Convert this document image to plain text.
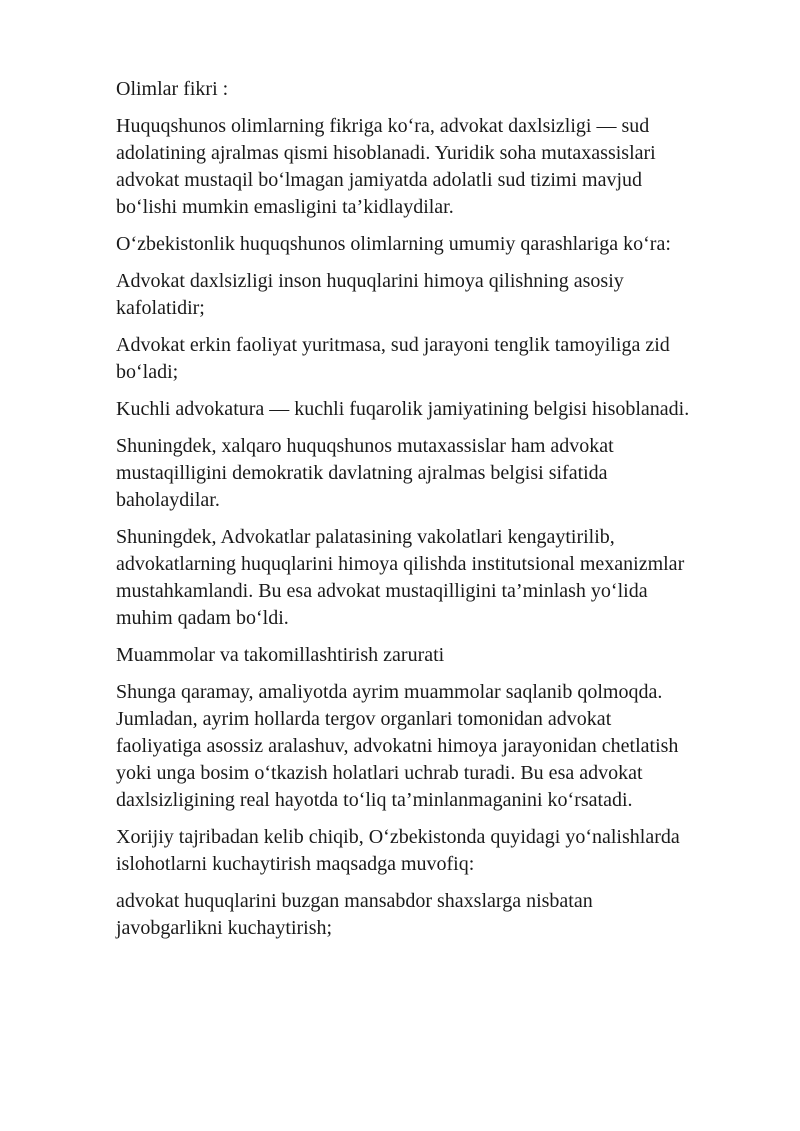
Olimlar fikri :

Huquqshunos olimlarning fikriga koʻra, advokat daxlsizligi — sud
adolatining ajralmas qismi hisoblanadi. Yuridik soha mutaxassislari
advokat mustaqil boʻlmagan jamiyatda adolatli sud tizimi mavjud
boʻlishi mumkin emasligini ta’kidlaydilar.

Oʻzbekistonlik huquqshunos olimlarning umumiy qarashlariga koʻra:

Advokat daxlsizligi inson huquqlarini himoya qilishning asosiy
kafolatidir;

Advokat erkin faoliyat yuritmasa, sud jarayoni tenglik tamoyiliga zid
boʻladi;

Kuchli advokatura — kuchli fuqarolik jamiyatining belgisi hisoblanadi.

Shuningdek, xalqaro huquqshunos mutaxassislar ham advokat
mustaqilligini demokratik davlatning ajralmas belgisi sifatida
baholaydilar.

Shuningdek, Advokatlar palatasining vakolatlari kengaytirilib,
advokatlarning huquqlarini himoya qilishda institutsional mexanizmlar
mustahkamlandi. Bu esa advokat mustaqilligini ta’minlash yoʻlida
muhim qadam boʻldi.

Muammolar va takomillashtirish zarurati

Shunga qaramay, amaliyotda ayrim muammolar saqlanib qolmoqda.
Jumladan, ayrim hollarda tergov organlari tomonidan advokat
faoliyatiga asossiz aralashuv, advokatni himoya jarayonidan chetlatish
yoki unga bosim oʻtkazish holatlari uchrab turadi. Bu esa advokat
daxlsizligining real hayotda toʻliq ta’minlanmaganini koʻrsatadi.

Xorijiy tajribadan kelib chiqib, Oʻzbekistonda quyidagi yoʻnalishlarda
islohotlarni kuchaytirish maqsadga muvofiq:

advokat huquqlarini buzgan mansabdor shaxslarga nisbatan
javobgarlikni kuchaytirish;
